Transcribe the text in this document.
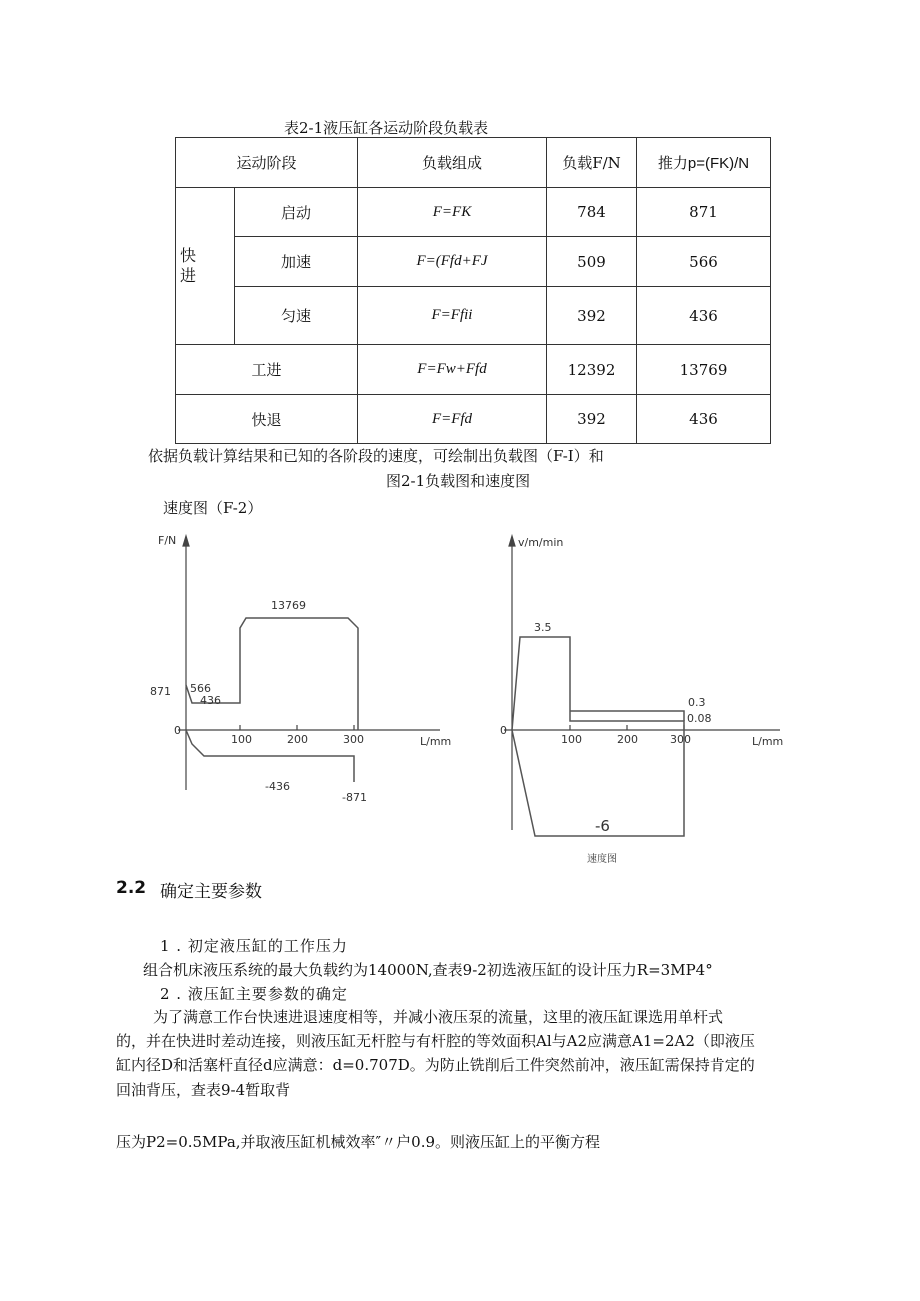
表2-1液压缸各运动阶段负载表
运动阶段		负载组成	负载F/N	推力p=(FK)/N

快
进	启动	F=FK	784	871
	加速	F=(Ffd+FJ	509	566
	匀速	F=Ffii	392	436
工进		F=Fw+Ffd	12392	13769
快退		F=Ffd	392	436
依据负载计算结果和已知的各阶段的速度，可绘制出负载图（F-I）和
图2-1负载图和速度图
速度图（F-2）
F/N
L/mm
0
100	200	300
871 566
436
13769
-436
-871
v/m/min
L/mm
0
100	200	300
3.5
0.3
0.08
-6
速度图
2.2 确定主要参数
1 . 初定液压缸的工作压力
组合机床液压系统的最大负载约为14000N,查表9-2初选液压缸的设计压力R=3MP4°
2 . 液压缸主要参数的确定
为了满意工作台快速进退速度相等，并减小液压泵的流量，这里的液压缸课选用单杆式
的，并在快进时差动连接，则液压缸无杆腔与有杆腔的等效面积Al与A2应满意A1=2A2（即液压
缸内径D和活塞杆直径d应满意：d=0.707D。为防止铣削后工件突然前冲，液压缸需保持肯定的
回油背压，查表9-4暂取背
压为P2=0.5MPa,并取液压缸机械效率″〃户0.9。则液压缸上的平衡方程
